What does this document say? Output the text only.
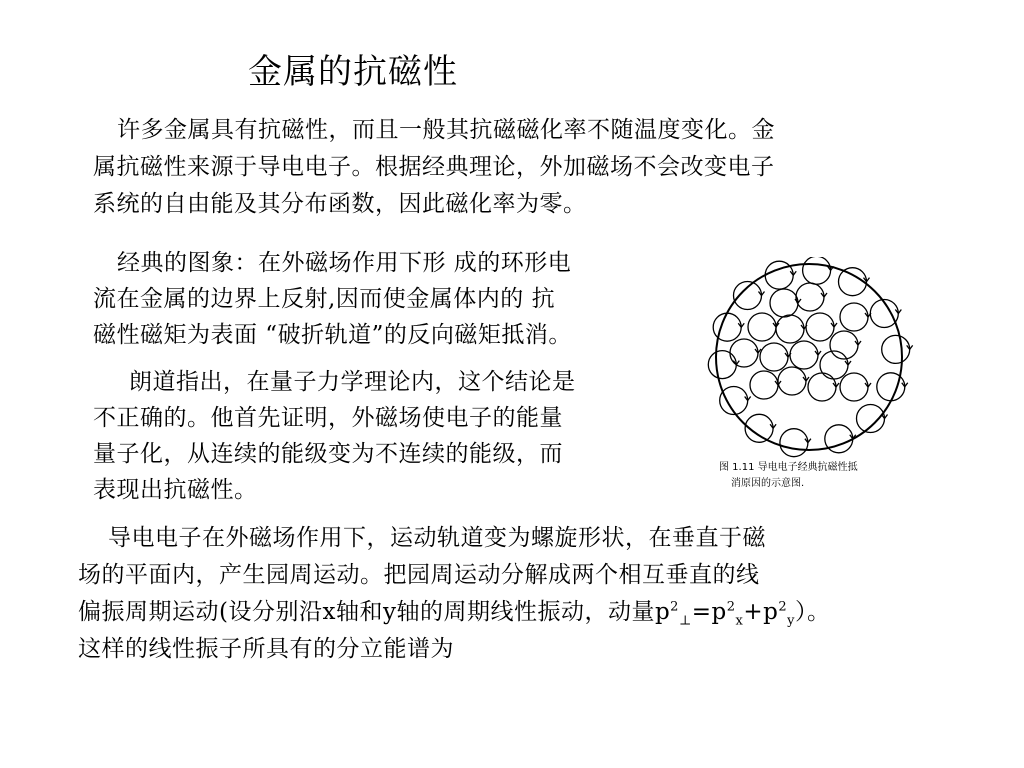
金属的抗磁性

许多金属具有抗磁性，而且一般其抗磁磁化率不随温度变化。金
属抗磁性来源于导电电子。根据经典理论，外加磁场不会改变电子
系统的自由能及其分布函数，因此磁化率为零。

经典的图象：在外磁场作用下形 成的环形电
流在金属的边界上反射,因而使金属体内的 抗
磁性磁矩为表面 “破折轨道”的反向磁矩抵消。

朗道指出，在量子力学理论内，这个结论是
不正确的。他首先证明，外磁场使电子的能量
量子化，从连续的能级变为不连续的能级，而
表现出抗磁性。

导电电子在外磁场作用下，运动轨道变为螺旋形状，在垂直于磁
场的平面内，产生园周运动。把园周运动分解成两个相互垂直的线
偏振周期运动(设分别沿x轴和y轴的周期线性振动，动量$p^2_\perp=p^2_x+p^2_y$）。
这样的线性振子所具有的分立能谱为

图 1.11 导电电子经典抗磁性抵
消原因的示意图.
